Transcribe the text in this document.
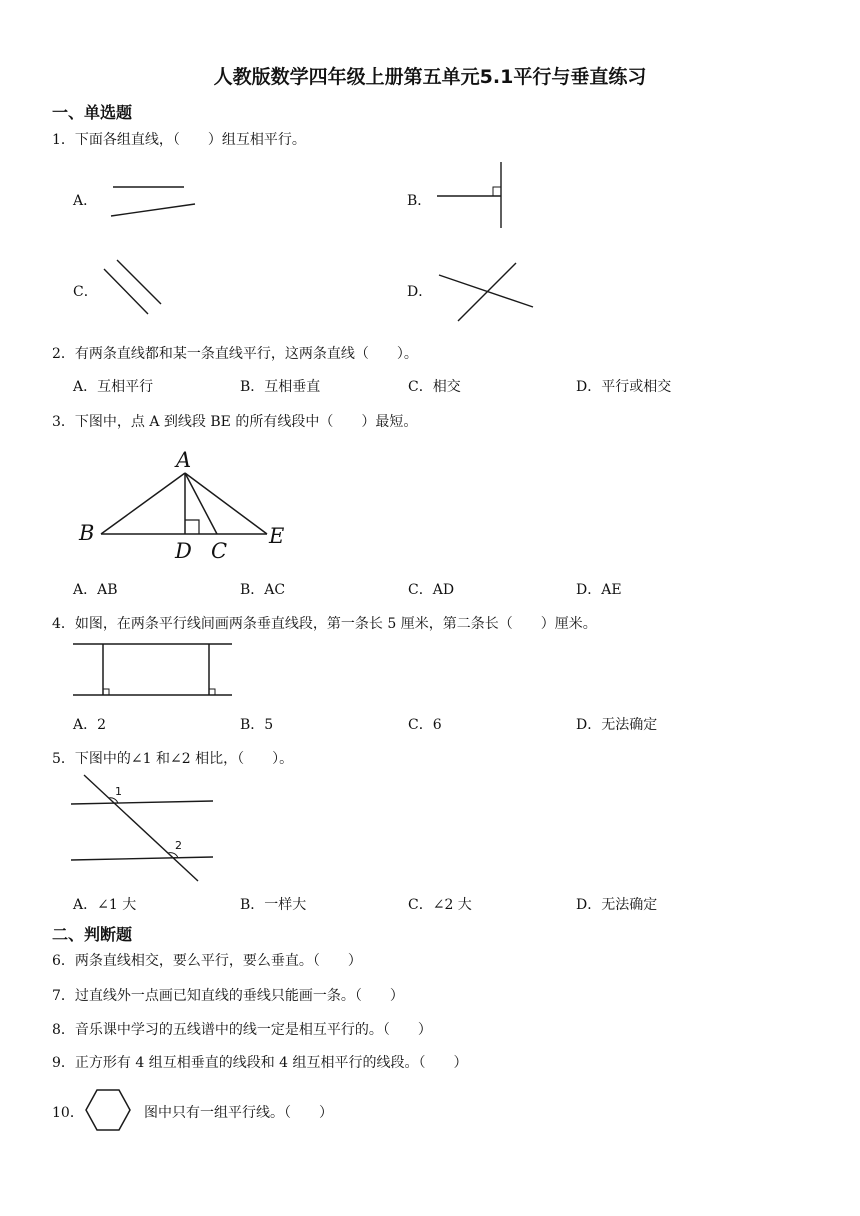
人教版数学四年级上册第五单元5.1平行与垂直练习
一、单选题
1．下面各组直线，（　　）组互相平行。
A．	B．
C．	D．
2．有两条直线都和某一条直线平行，这两条直线（　　）。
A．互相平行	B．互相垂直	C．相交	D．平行或相交
3．下图中，点 A 到线段 BE 的所有线段中（　　）最短。
A
B
D C
E
A．AB	B．AC	C．AD	D．AE
4．如图，在两条平行线间画两条垂直线段，第一条长 5 厘米，第二条长（　　）厘米。
A．2	B．5	C．6	D．无法确定
5．下图中的∠1 和∠2 相比，（　　）。
1
2
A．∠1 大	B．一样大	C．∠2 大	D．无法确定
二、判断题
6．两条直线相交，要么平行，要么垂直。（　　）
7．过直线外一点画已知直线的垂线只能画一条。（　　）
8．音乐课中学习的五线谱中的线一定是相互平行的。（　　）
9．正方形有 4 组互相垂直的线段和 4 组互相平行的线段。（　　）
10．	图中只有一组平行线。（　　）
